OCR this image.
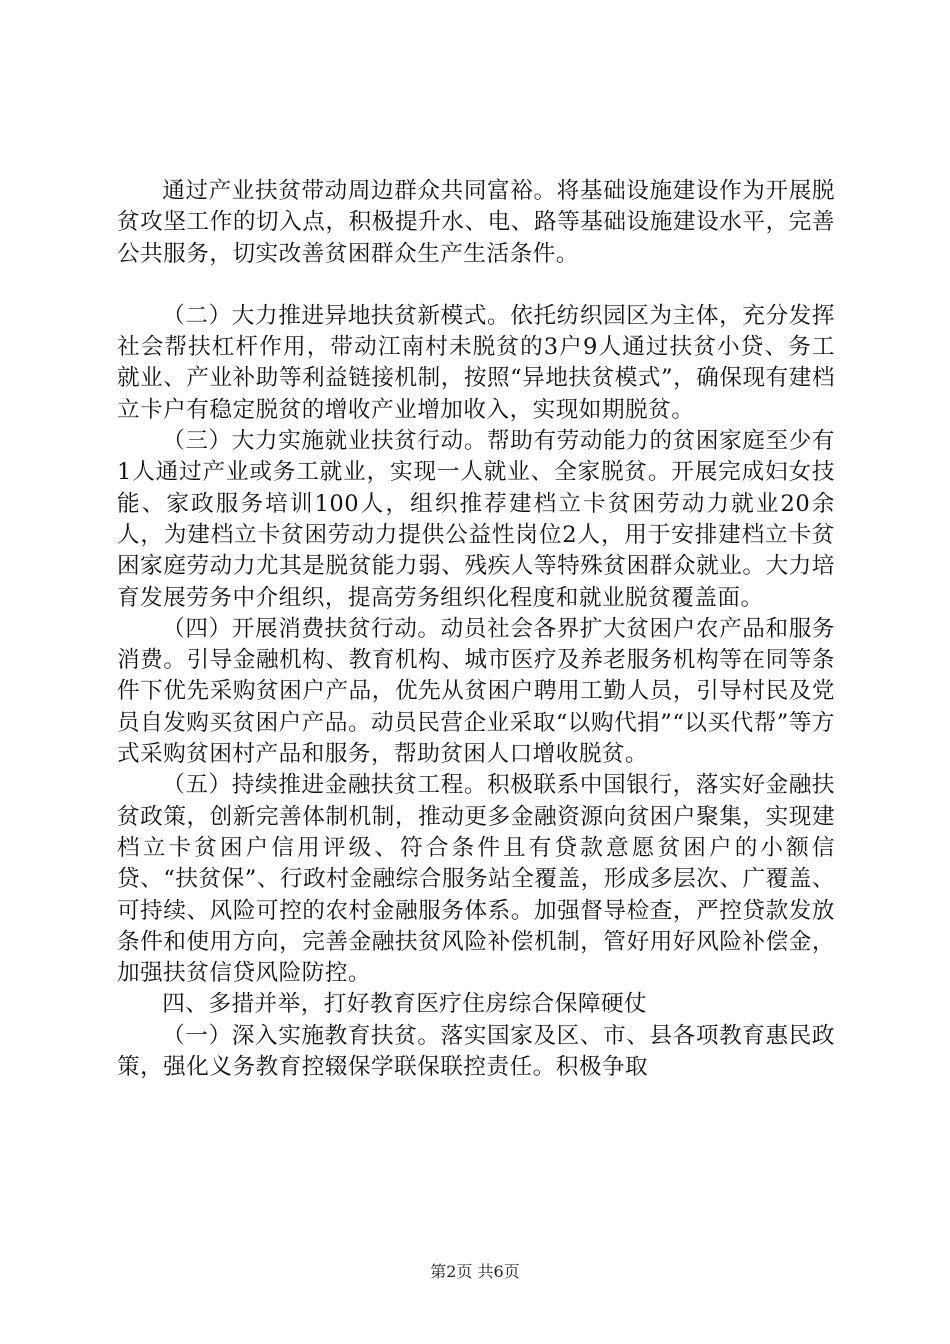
通过产业扶贫带动周边群众共同富裕。将基础设施建设作为开展脱贫攻坚工作的切入点，积极提升水、电、路等基础设施建设水平，完善公共服务，切实改善贫困群众生产生活条件。

（二）大力推进异地扶贫新模式。依托纺织园区为主体，充分发挥社会帮扶杠杆作用，带动江南村未脱贫的3户9人通过扶贫小贷、务工就业、产业补助等利益链接机制，按照“异地扶贫模式”，确保现有建档立卡户有稳定脱贫的增收产业增加收入，实现如期脱贫。

（三）大力实施就业扶贫行动。帮助有劳动能力的贫困家庭至少有1人通过产业或务工就业，实现一人就业、全家脱贫。开展完成妇女技能、家政服务培训100人，组织推荐建档立卡贫困劳动力就业20余人，为建档立卡贫困劳动力提供公益性岗位2人，用于安排建档立卡贫困家庭劳动力尤其是脱贫能力弱、残疾人等特殊贫困群众就业。大力培育发展劳务中介组织，提高劳务组织化程度和就业脱贫覆盖面。

（四）开展消费扶贫行动。动员社会各界扩大贫困户农产品和服务消费。引导金融机构、教育机构、城市医疗及养老服务机构等在同等条件下优先采购贫困户产品，优先从贫困户聘用工勤人员，引导村民及党员自发购买贫困户产品。动员民营企业采取“以购代捐”“以买代帮”等方式采购贫困村产品和服务，帮助贫困人口增收脱贫。

（五）持续推进金融扶贫工程。积极联系中国银行，落实好金融扶贫政策，创新完善体制机制，推动更多金融资源向贫困户聚集，实现建档立卡贫困户信用评级、符合条件且有贷款意愿贫困户的小额信贷、“扶贫保”、行政村金融综合服务站全覆盖，形成多层次、广覆盖、可持续、风险可控的农村金融服务体系。加强督导检查，严控贷款发放条件和使用方向，完善金融扶贫风险补偿机制，管好用好风险补偿金，加强扶贫信贷风险防控。

四、多措并举，打好教育医疗住房综合保障硬仗

（一）深入实施教育扶贫。落实国家及区、市、县各项教育惠民政策，强化义务教育控辍保学联保联控责任。积极争取

第2页 共6页
